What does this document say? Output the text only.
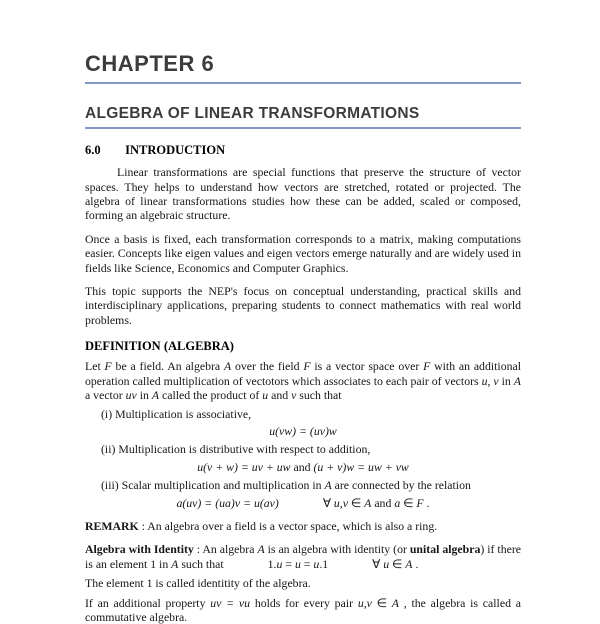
CHAPTER 6
ALGEBRA OF LINEAR TRANSFORMATIONS
6.0 INTRODUCTION

Linear transformations are special functions that preserve the structure of vector spaces. They helps to understand how vectors are stretched, rotated or projected. The algebra of linear transformations studies how these can be added, scaled or composed, forming an algebraic structure.

Once a basis is fixed, each transformation corresponds to a matrix, making computations easier. Concepts like eigen values and eigen vectors emerge naturally and are widely used in fields like Science, Economics and Computer Graphics.

This topic supports the NEP's focus on conceptual understanding, practical skills and interdisciplinary applications, preparing students to connect mathematics with real world problems.

DEFINITION (ALGEBRA)

Let F be a field. An algebra A over the field F is a vector space over F with an additional operation called multiplication of vectotors which associates to each pair of vectors u, v in A a vector uv in A called the product of u and v such that

(i) Multiplication is associative,

u(vw) = (uv)w

(ii) Multiplication is distributive with respect to addition,

u(v + w) = uv + uw and (u + v)w = uw + vw

(iii) Scalar multiplication and multiplication in A are connected by the relation

a(uv) = (ua)v = u(av)	∀ u,v ∈ A and a ∈ F .

REMARK : An algebra over a field is a vector space, which is also a ring.

Algebra with Identity : An algebra A is an algebra with identity (or unital algebra) if there is an element 1 in A such that	1.u = u = u.1	∀ u ∈ A .

The element 1 is called identitity of the algebra.

If an additional property uv = vu holds for every pair u,v ∈ A , the algebra is called a commutative algebra.
